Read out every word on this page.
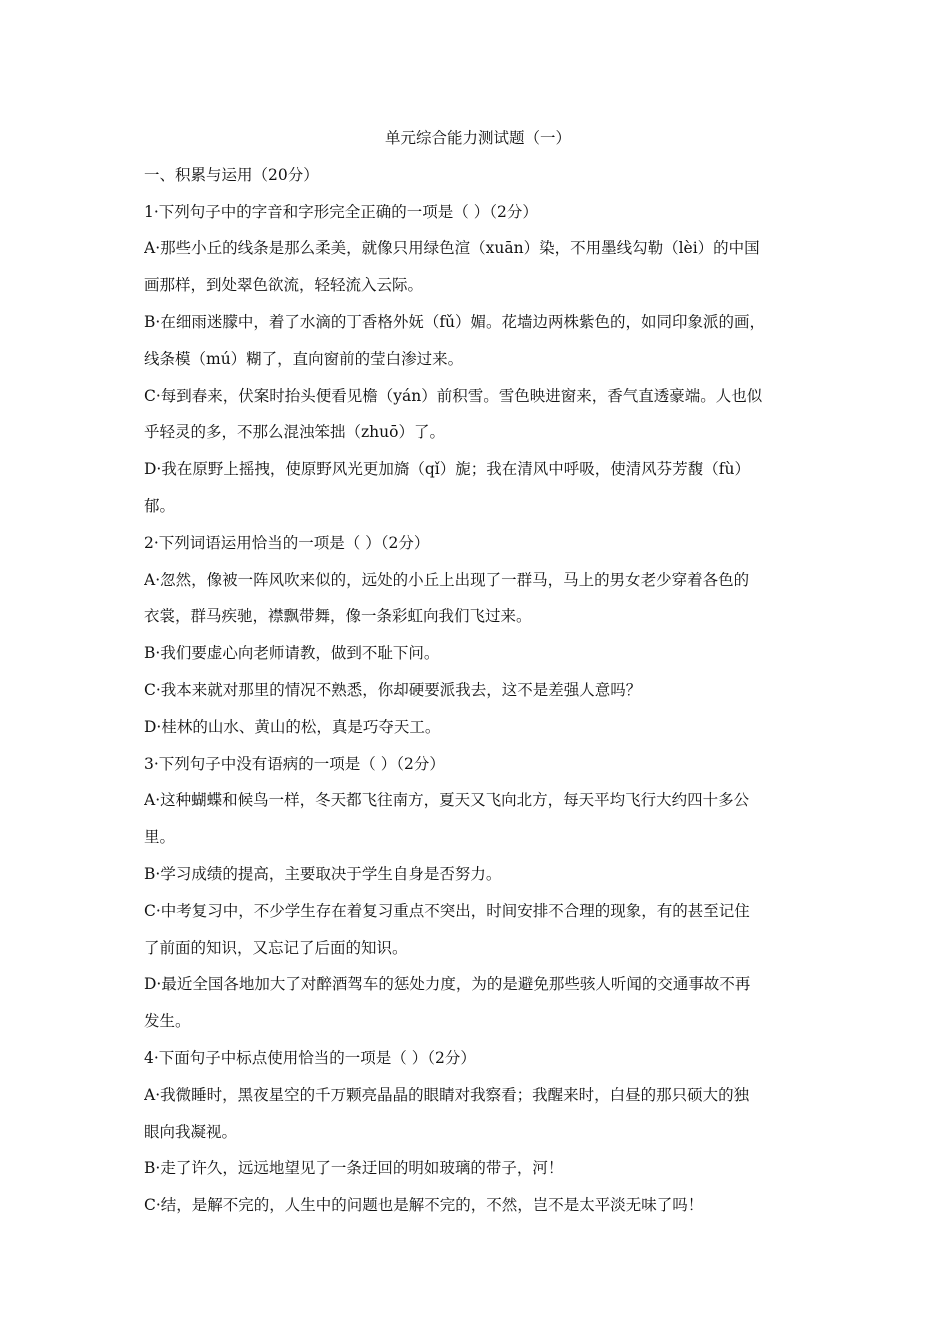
单元综合能力测试题（一）

一、积累与运用（20分）

1·下列句子中的字音和字形完全正确的一项是（ ）（2分）

A·那些小丘的线条是那么柔美，就像只用绿色渲（xuān）染，不用墨线勾勒（lèi）的中国

画那样，到处翠色欲流，轻轻流入云际。

B·在细雨迷朦中，着了水滴的丁香格外妩（fǔ）媚。花墙边两株紫色的，如同印象派的画，

线条模（mú）糊了，直向窗前的莹白渗过来。

C·每到春来，伏案时抬头便看见檐（yán）前积雪。雪色映进窗来，香气直透豪端。人也似

乎轻灵的多，不那么混浊笨拙（zhuō）了。

D·我在原野上摇拽，使原野风光更加旖（qǐ）旎；我在清风中呼吸，使清风芬芳馥（fù）

郁。

2·下列词语运用恰当的一项是（ ）（2分）

A·忽然，像被一阵风吹来似的，远处的小丘上出现了一群马，马上的男女老少穿着各色的

衣裳，群马疾驰，襟飘带舞，像一条彩虹向我们飞过来。

B·我们要虚心向老师请教，做到不耻下问。

C·我本来就对那里的情况不熟悉，你却硬要派我去，这不是差强人意吗？

D·桂林的山水、黄山的松，真是巧夺天工。

3·下列句子中没有语病的一项是（ ）（2分）

A·这种蝴蝶和候鸟一样，冬天都飞往南方，夏天又飞向北方，每天平均飞行大约四十多公

里。

B·学习成绩的提高，主要取决于学生自身是否努力。

C·中考复习中，不少学生存在着复习重点不突出，时间安排不合理的现象，有的甚至记住

了前面的知识，又忘记了后面的知识。

D·最近全国各地加大了对醉酒驾车的惩处力度，为的是避免那些骇人听闻的交通事故不再

发生。

4·下面句子中标点使用恰当的一项是（ ）（2分）

A·我微睡时，黑夜星空的千万颗亮晶晶的眼睛对我察看；我醒来时，白昼的那只硕大的独

眼向我凝视。

B·走了许久，远远地望见了一条迂回的明如玻璃的带子，河！

C·结，是解不完的，人生中的问题也是解不完的，不然，岂不是太平淡无味了吗！
